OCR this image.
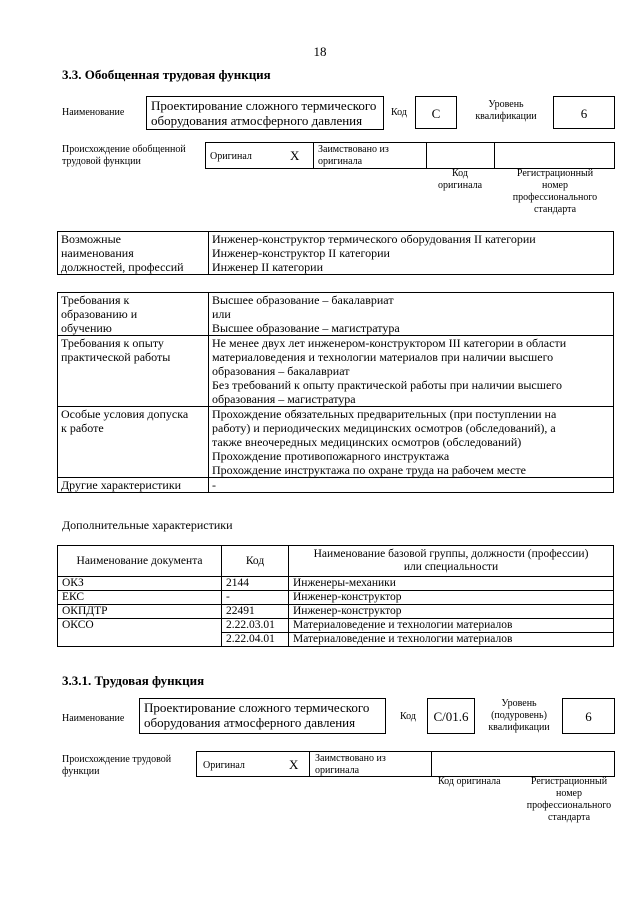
18
3.3. Обобщенная трудовая функция
Наименование	Проектирование сложного термического
оборудования атмосферного давления
Код	С
Уровень
квалификации	6
Происхождение обобщенной
трудовой функции	Оригинал	Х Заимствовано из
оригинала
Код
оригинала
Регистрационный
номер
профессионального
стандарта
Возможные
наименования
должностей, профессий	Инженер-конструктор термического оборудования II категории
Инженер-конструктор II категории
Инженер II категории
Требования к
образованию и
обучению	Высшее образование – бакалавриат
или
Высшее образование – магистратура
Требования к опыту
практической работы	Не менее двух лет инженером-конструктором III категории в области
материаловедения и технологии материалов при наличии высшего
образования – бакалавриат
Без требований к опыту практической работы при наличии высшего
образования – магистратура
Особые условия допуска
к работе	Прохождение обязательных предварительных (при поступлении на
работу) и периодических медицинских осмотров (обследований), а
также внеочередных медицинских осмотров (обследований)
Прохождение противопожарного инструктажа
Прохождение инструктажа по охране труда на рабочем месте
Другие характеристики	-
Дополнительные характеристики
Наименование документа	Код	Наименование базовой группы, должности (профессии)
или специальности
ОКЗ	2144	Инженеры-механики
ЕКС	-	Инженер-конструктор
ОКПДТР	22491	Инженер-конструктор
ОКСО	2.22.03.01	Материаловедение и технологии материалов
	2.22.04.01	Материаловедение и технологии материалов
3.3.1. Трудовая функция
Наименование
Проектирование сложного термического
оборудования атмосферного давления	Код	С/01.6
Уровень
(подуровень)
квалификации
6
Происхождение трудовой
функции
Оригинал	Х Заимствовано из
оригинала
Код оригинала	Регистрационный
номер
профессионального
стандарта
